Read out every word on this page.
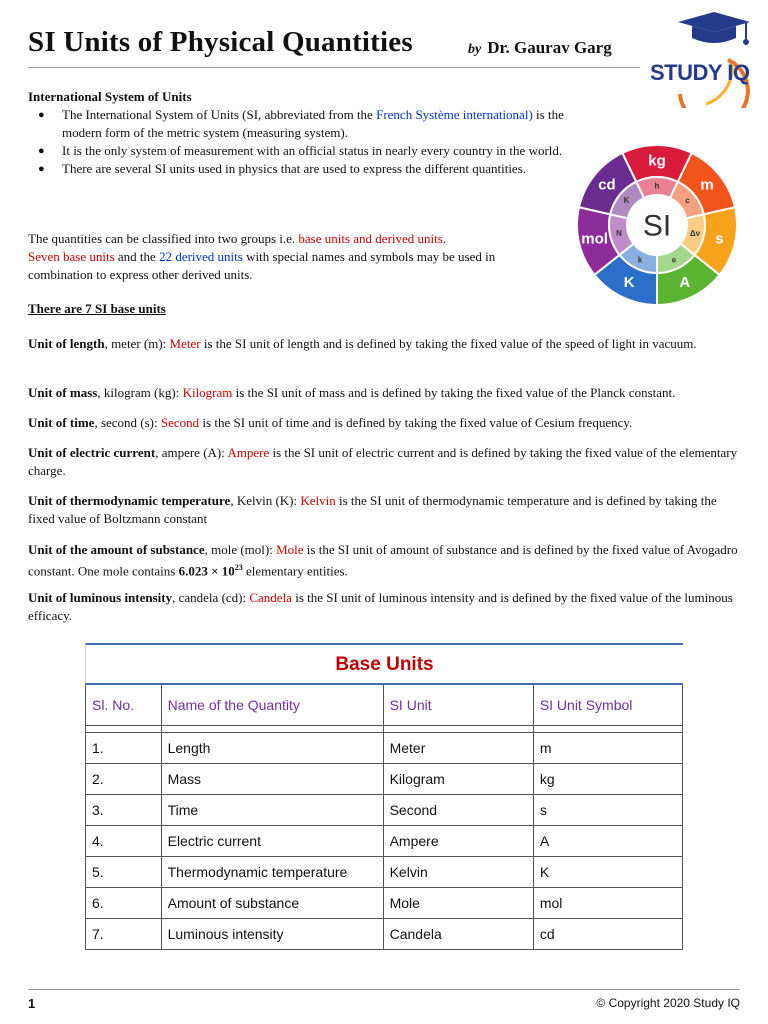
SI Units of Physical Quantities	by Dr. Gaurav Garg
STUDY IQ
International System of Units
● The International System of Units (SI, abbreviated from the French Système international) is the modern form of the metric system (measuring system).
● It is the only system of measurement with an official status in nearly every country in the world.
● There are several SI units used in physics that are used to express the different quantities.	kg
h	m
c
s
Δν
A
e
K
k
mol N
cd
K
SI
The quantities can be classified into two groups i.e. base units and derived units.
Seven base units and the 22 derived units with special names and symbols may be used in combination to express other derived units.
There are 7 SI base units
Unit of length, meter (m): Meter is the SI unit of length and is defined by taking the fixed value of the speed of light in vacuum.
Unit of mass, kilogram (kg): Kilogram is the SI unit of mass and is defined by taking the fixed value of the Planck constant.
Unit of time, second (s): Second is the SI unit of time and is defined by taking the fixed value of Cesium frequency.
Unit of electric current, ampere (A): Ampere is the SI unit of electric current and is defined by taking the fixed value of the elementary charge.
Unit of thermodynamic temperature, Kelvin (K): Kelvin is the SI unit of thermodynamic temperature and is defined by taking the fixed value of Boltzmann constant
Unit of the amount of substance, mole (mol): Mole is the SI unit of amount of substance and is defined by the fixed value of Avogadro constant. One mole contains $6.023 \times 10^{23}$ elementary entities.
Unit of luminous intensity, candela (cd): Candela is the SI unit of luminous intensity and is defined by the fixed value of the luminous efficacy.
Base Units
Sl. No.	Name of the Quantity	SI Unit	SI Unit Symbol

1.	Length	Meter	m
2.	Mass	Kilogram	kg
3.	Time	Second	s
4.	Electric current	Ampere	A
5.	Thermodynamic temperature	Kelvin	K
6.	Amount of substance	Mole	mol
7.	Luminous intensity	Candela	cd
1	© Copyright 2020 Study IQ
